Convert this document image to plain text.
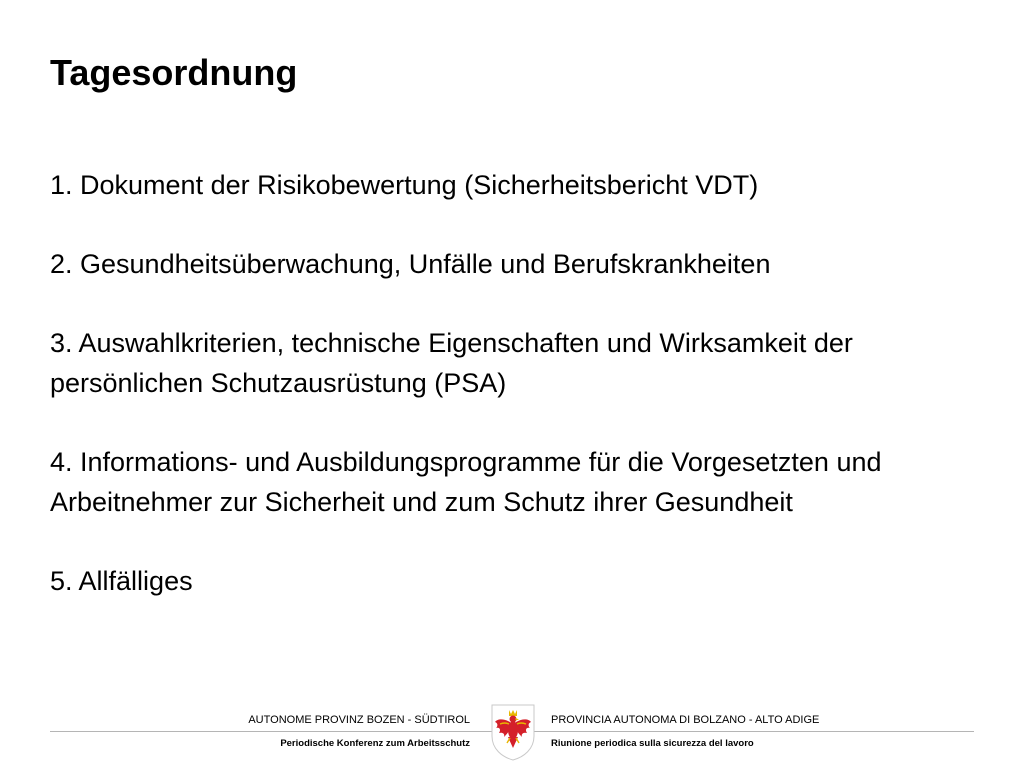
Tagesordnung
1. Dokument der Risikobewertung (Sicherheitsbericht VDT)
2. Gesundheitsüberwachung, Unfälle und Berufskrankheiten
3. Auswahlkriterien, technische Eigenschaften und Wirksamkeit der persönlichen Schutzausrüstung (PSA)
4. Informations- und Ausbildungsprogramme für die Vorgesetzten und Arbeitnehmer zur Sicherheit und zum Schutz ihrer Gesundheit
5. Allfälliges
AUTONOME PROVINZ BOZEN - SÜDTIROL
Periodische Konferenz zum Arbeitsschutz
PROVINCIA AUTONOMA DI BOLZANO - ALTO ADIGE
Riunione periodica sulla sicurezza del lavoro
